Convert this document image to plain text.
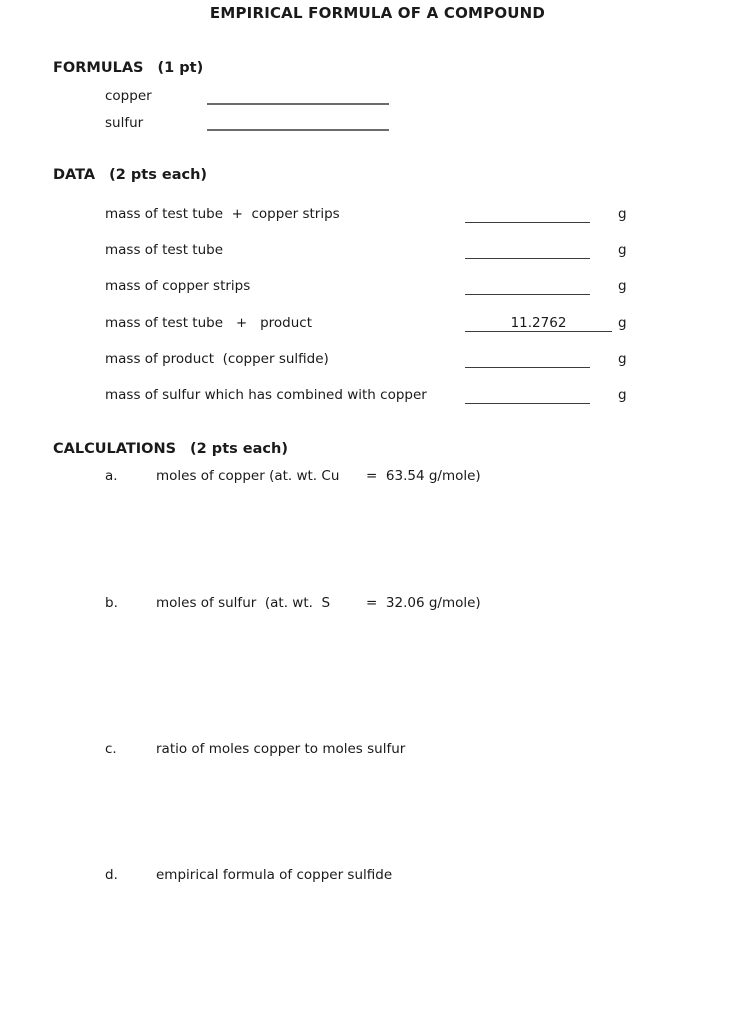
EMPIRICAL FORMULA OF A COMPOUND
FORMULAS (1 pt)
copper
sulfur
DATA (2 pts each)
mass of test tube  +  copper strips	g
mass of test tube	g
mass of copper strips	g
mass of test tube   +   product	11.2762	g
mass of product  (copper sulfide)	g
mass of sulfur which has combined with copper	g
CALCULATIONS (2 pts each)
a.	moles of copper (at. wt. Cu =  63.54 g/mole)
b.	moles of sulfur  (at. wt.  S	=  32.06 g/mole)
c.	ratio of moles copper to moles sulfur
d.	empirical formula of copper sulfide
